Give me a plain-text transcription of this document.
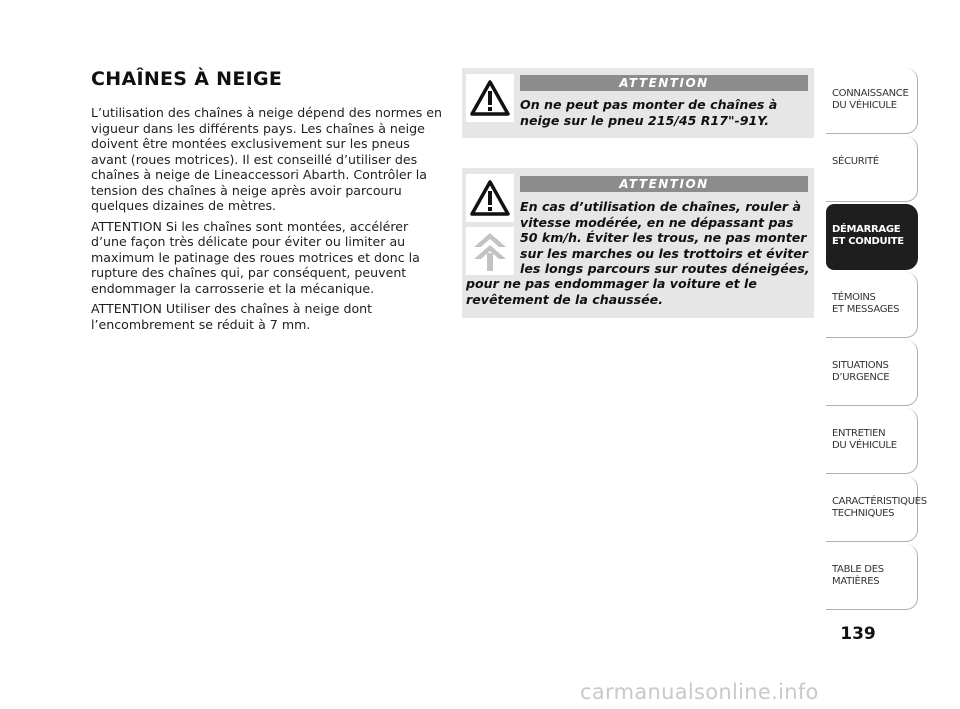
CHAÎNES À NEIGE

L’utilisation des chaînes à neige dépend des normes en vigueur dans les différents pays. Les chaînes à neige doivent être montées exclusivement sur les pneus avant (roues motrices). Il est conseillé d’utiliser des chaînes à neige de Lineaccessori Abarth. Contrôler la tension des chaînes à neige après avoir parcouru quelques dizaines de mètres.

ATTENTION Si les chaînes sont montées, accélérer d’une façon très délicate pour éviter ou limiter au maximum le patinage des roues motrices et donc la rupture des chaînes qui, par conséquent, peuvent endommager la carrosserie et la mécanique.

ATTENTION Utiliser des chaînes à neige dont l’encombrement se réduit à 7 mm.

ATTENTION
On ne peut pas monter de chaînes à neige sur le pneu 215/45 R17"-91Y.
ATTENTION
En cas d’utilisation de chaînes, rouler à vitesse modérée, en ne dépassant pas 50 km/h. Éviter les trous, ne pas monter sur les marches ou les trottoirs et éviter les longs parcours sur routes déneigées,
pour ne pas endommager la voiture et le revêtement de la chaussée.
CONNAISSANCE
DU VÉHICULE
SÉCURITÉ
DÉMARRAGE
ET CONDUITE
TÉMOINS
ET MESSAGES
SITUATIONS
D’URGENCE
ENTRETIEN
DU VÉHICULE
CARACTÉRISTIQUES
TECHNIQUES
TABLE DES
MATIÈRES
139
carmanualsonline.info
